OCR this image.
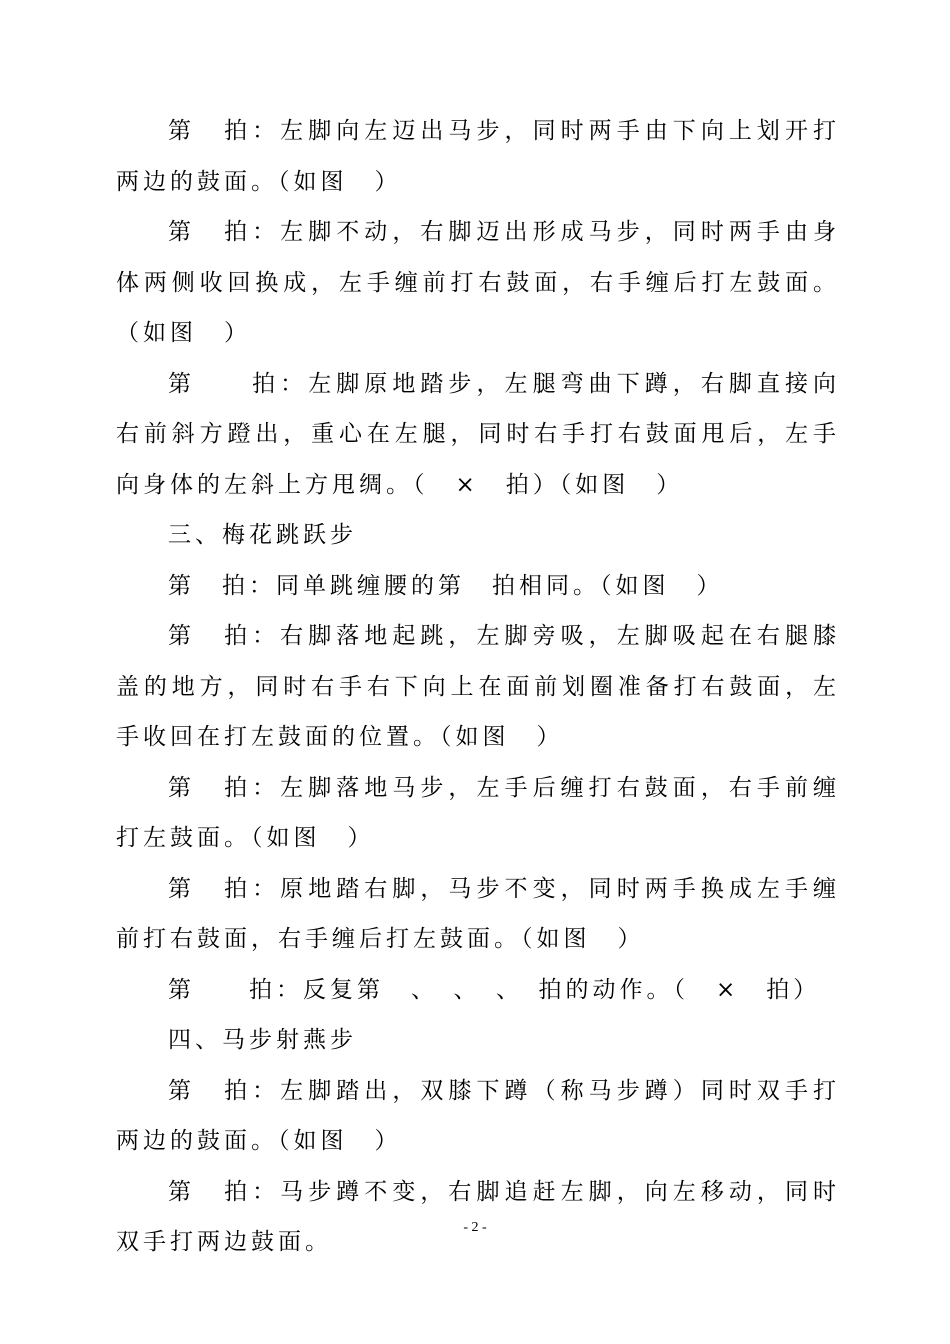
第　拍：左脚向左迈出马步，同时两手由下向上划开打两边的鼓面。（如图　）

第　拍：左脚不动，右脚迈出形成马步，同时两手由身体两侧收回换成，左手缠前打右鼓面，右手缠后打左鼓面。（如图　）

第　　拍：左脚原地踏步，左腿弯曲下蹲，右脚直接向右前斜方蹬出，重心在左腿，同时右手打右鼓面甩后，左手向身体的左斜上方甩绸。（　×　拍）（如图　）

三、梅花跳跃步

第　拍：同单跳缠腰的第　拍相同。（如图　）

第　拍：右脚落地起跳，左脚旁吸，左脚吸起在右腿膝盖的地方，同时右手右下向上在面前划圈准备打右鼓面，左手收回在打左鼓面的位置。（如图　）

第　拍：左脚落地马步，左手后缠打右鼓面，右手前缠打左鼓面。（如图　）

第　拍：原地踏右脚，马步不变，同时两手换成左手缠前打右鼓面，右手缠后打左鼓面。（如图　）

第　　拍：反复第　、　、　、　拍的动作。（　×　拍）

四、马步射燕步

第　拍：左脚踏出，双膝下蹲（称马步蹲）同时双手打两边的鼓面。（如图　）

第　拍：马步蹲不变，右脚追赶左脚，向左移动，同时双手打两边鼓面。

- 2 -
